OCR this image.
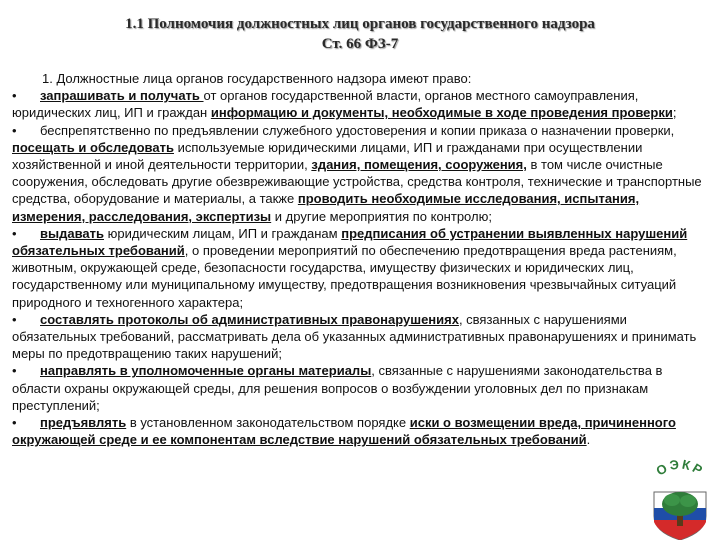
1.1 Полномочия должностных лиц органов государственного надзора
Ст. 66 ФЗ-7

1. Должностные лица органов государственного надзора имеют право:

• запрашивать и получать от органов государственной власти, органов местного самоуправления, юридических лиц, ИП и граждан информацию и документы, необходимые в ходе проведения проверки;

• беспрепятственно по предъявлении служебного удостоверения и копии приказа о назначении проверки, посещать и обследовать используемые юридическими лицами, ИП и гражданами при осуществлении хозяйственной и иной деятельности территории, здания, помещения, сооружения, в том числе очистные сооружения, обследовать другие обезвреживающие устройства, средства контроля, технические и транспортные средства, оборудование и материалы, а также проводить необходимые исследования, испытания, измерения, расследования, экспертизы и другие мероприятия по контролю;

• выдавать юридическим лицам, ИП и гражданам предписания об устранении выявленных нарушений обязательных требований, о проведении мероприятий по обеспечению предотвращения вреда растениям, животным, окружающей среде, безопасности государства, имуществу физических и юридических лиц, государственному или муниципальному имуществу, предотвращения возникновения чрезвычайных ситуаций природного и техногенного характера;

• составлять протоколы об административных правонарушениях, связанных с нарушениями обязательных требований, рассматривать дела об указанных административных правонарушениях и принимать меры по предотвращению таких нарушений;

• направлять в уполномоченные органы материалы, связанные с нарушениями законодательства в области охраны окружающей среды, для решения вопросов о возбуждении уголовных дел по признакам преступлений;

• предъявлять в установленном законодательством порядке иски о возмещении вреда, причиненного окружающей среде и ее компонентам вследствие нарушений обязательных требований.

ОЭКР
